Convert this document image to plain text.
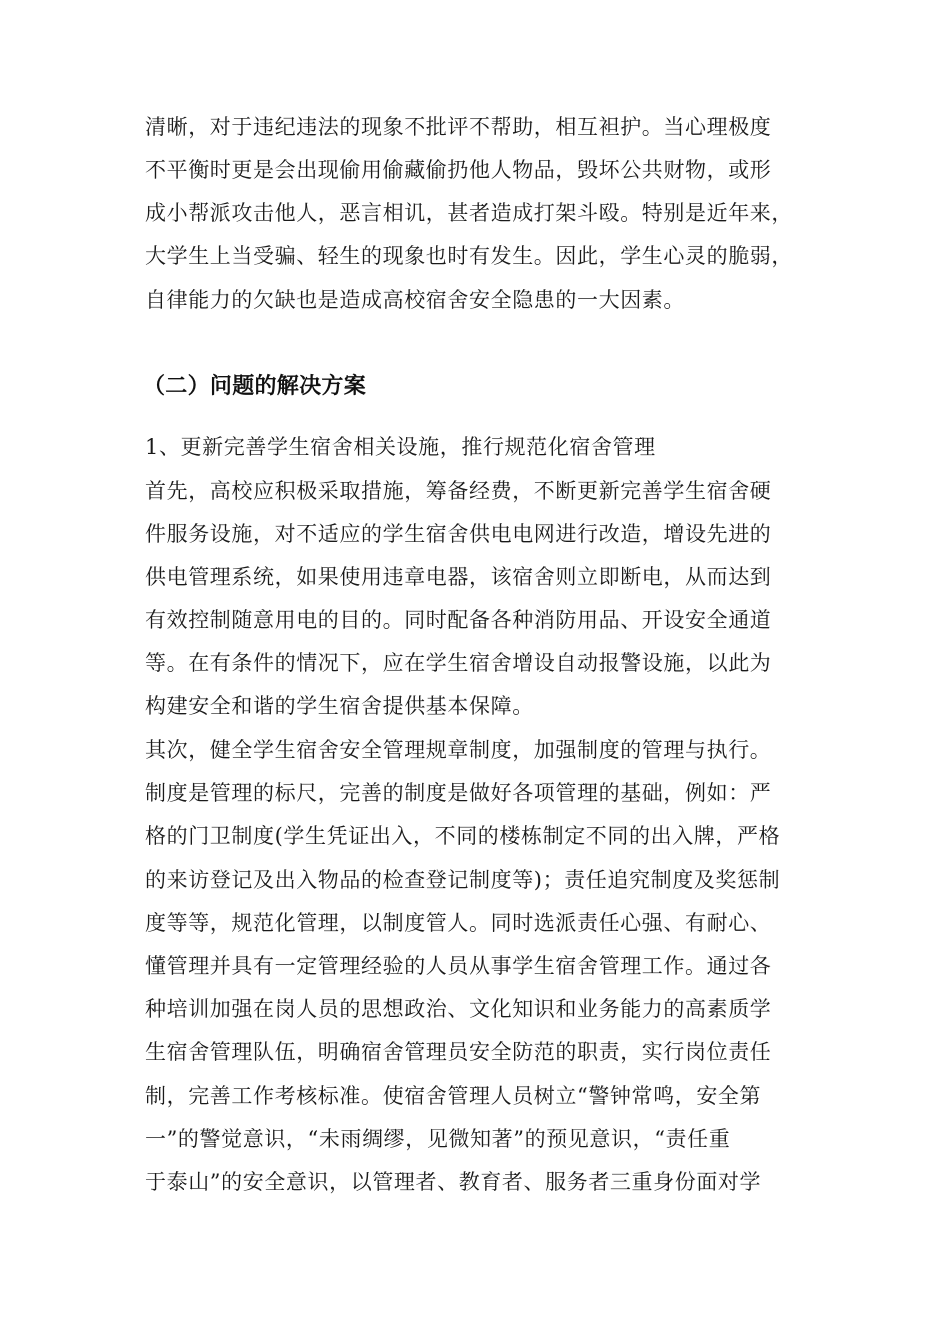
清晰，对于违纪违法的现象不批评不帮助，相互袒护。当心理极度

不平衡时更是会出现偷用偷藏偷扔他人物品，毁坏公共财物，或形

成小帮派攻击他人，恶言相讥，甚者造成打架斗殴。特别是近年来，

大学生上当受骗、轻生的现象也时有发生。因此，学生心灵的脆弱，

自律能力的欠缺也是造成高校宿舍安全隐患的一大因素。

（二）问题的解决方案

1、更新完善学生宿舍相关设施，推行规范化宿舍管理

首先，高校应积极采取措施，筹备经费，不断更新完善学生宿舍硬

件服务设施，对不适应的学生宿舍供电电网进行改造，增设先进的

供电管理系统，如果使用违章电器，该宿舍则立即断电，从而达到

有效控制随意用电的目的。同时配备各种消防用品、开设安全通道

等。在有条件的情况下，应在学生宿舍增设自动报警设施，以此为

构建安全和谐的学生宿舍提供基本保障。

其次，健全学生宿舍安全管理规章制度，加强制度的管理与执行。

制度是管理的标尺，完善的制度是做好各项管理的基础，例如：严

格的门卫制度(学生凭证出入，不同的楼栋制定不同的出入牌，严格

的来访登记及出入物品的检查登记制度等)；责任追究制度及奖惩制

度等等，规范化管理，以制度管人。同时选派责任心强、有耐心、

懂管理并具有一定管理经验的人员从事学生宿舍管理工作。通过各

种培训加强在岗人员的思想政治、文化知识和业务能力的高素质学

生宿舍管理队伍，明确宿舍管理员安全防范的职责，实行岗位责任

制，完善工作考核标准。使宿舍管理人员树立“警钟常鸣，安全第

一”的警觉意识，“未雨绸缪，见微知著”的预见意识，“责任重

于泰山”的安全意识，以管理者、教育者、服务者三重身份面对学
